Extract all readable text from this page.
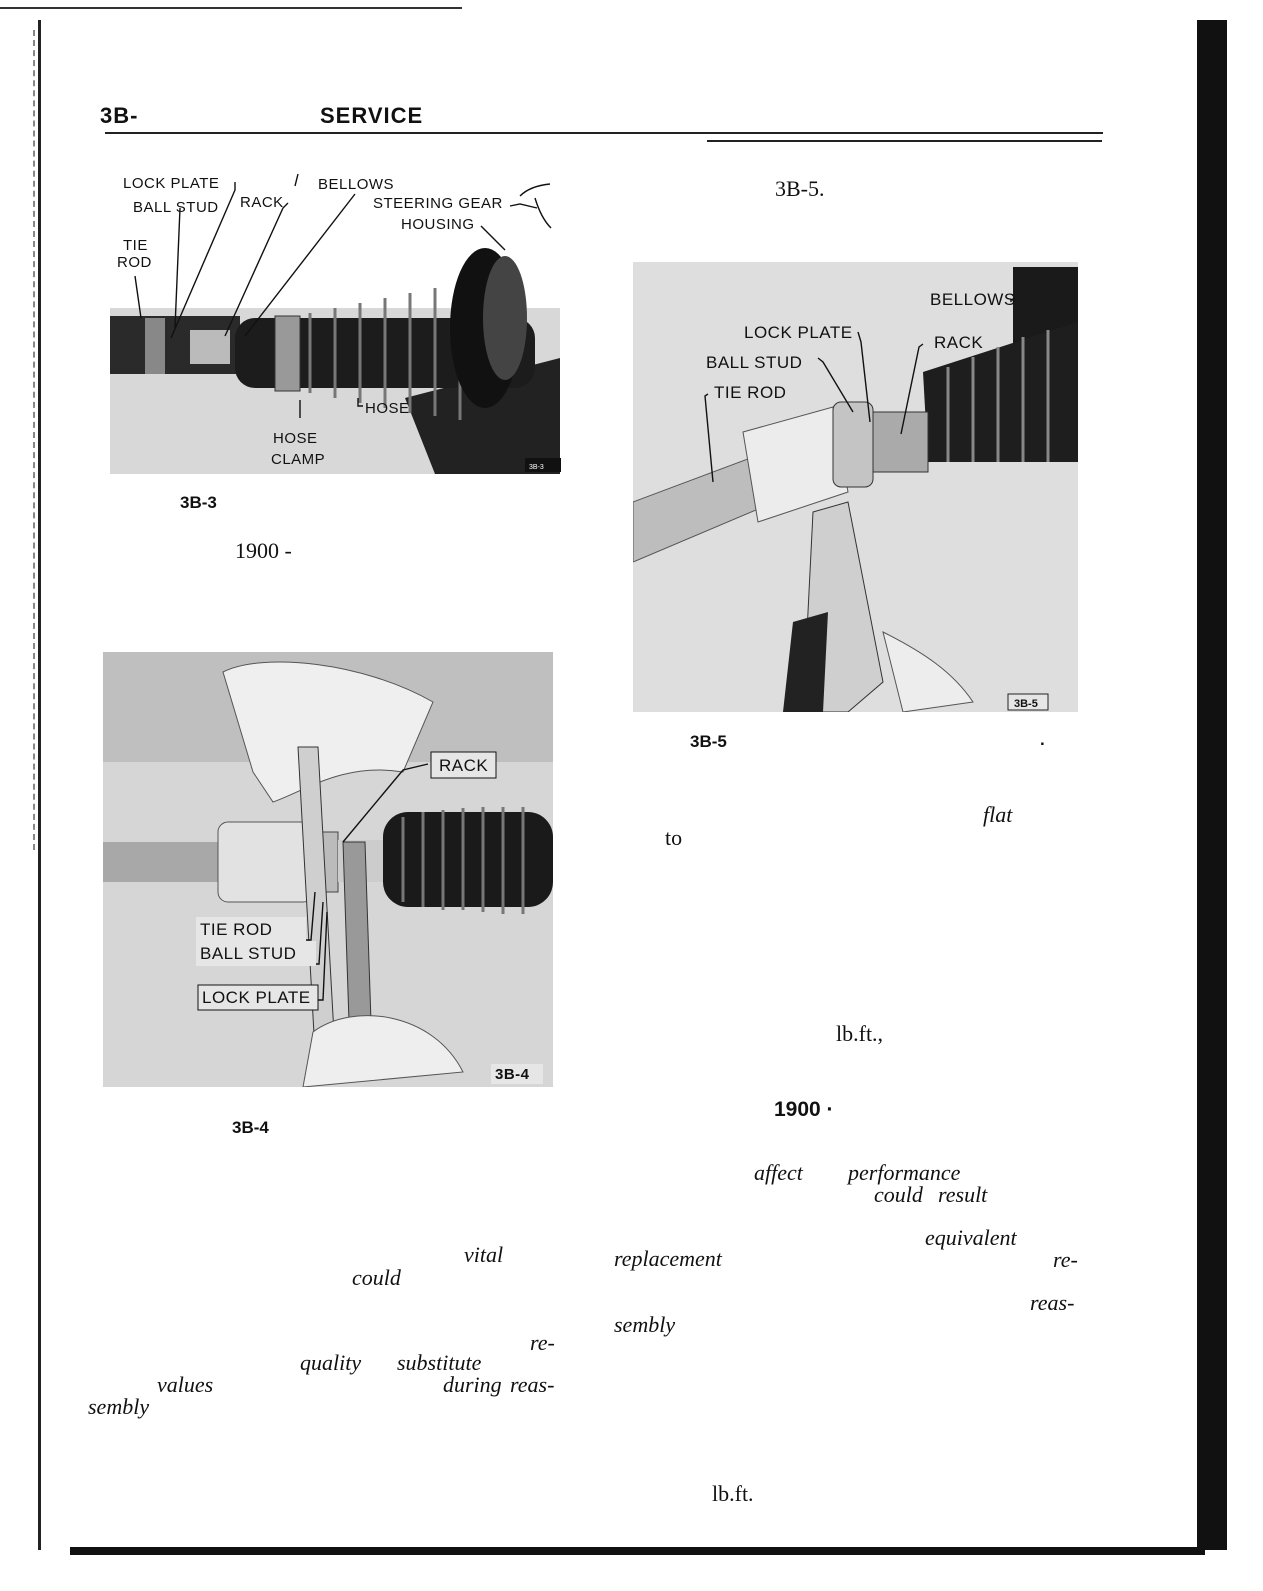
3B-	SERVICE
LOCK PLATE
BALL STUD RACK
BELLOWS
STEERING GEAR
HOUSING
TIE
ROD
HOSE
HOSE
CLAMP	3B-3
3B-3
1900 -
RACK
TIE ROD
BALL STUD
LOCK PLATE
3B-4
3B-4
3B-5.
BELLOWS
LOCK PLATE
RACK
BALL STUD
TIE ROD
3B-5
3B-5	.
flat
to
lb.ft.,
1900 ·
affect performance
could result
equivalent
replacement	re-
reas-
sembly
lb.ft.
vital
could
re-
quality substitute
values	during reas-
sembly
